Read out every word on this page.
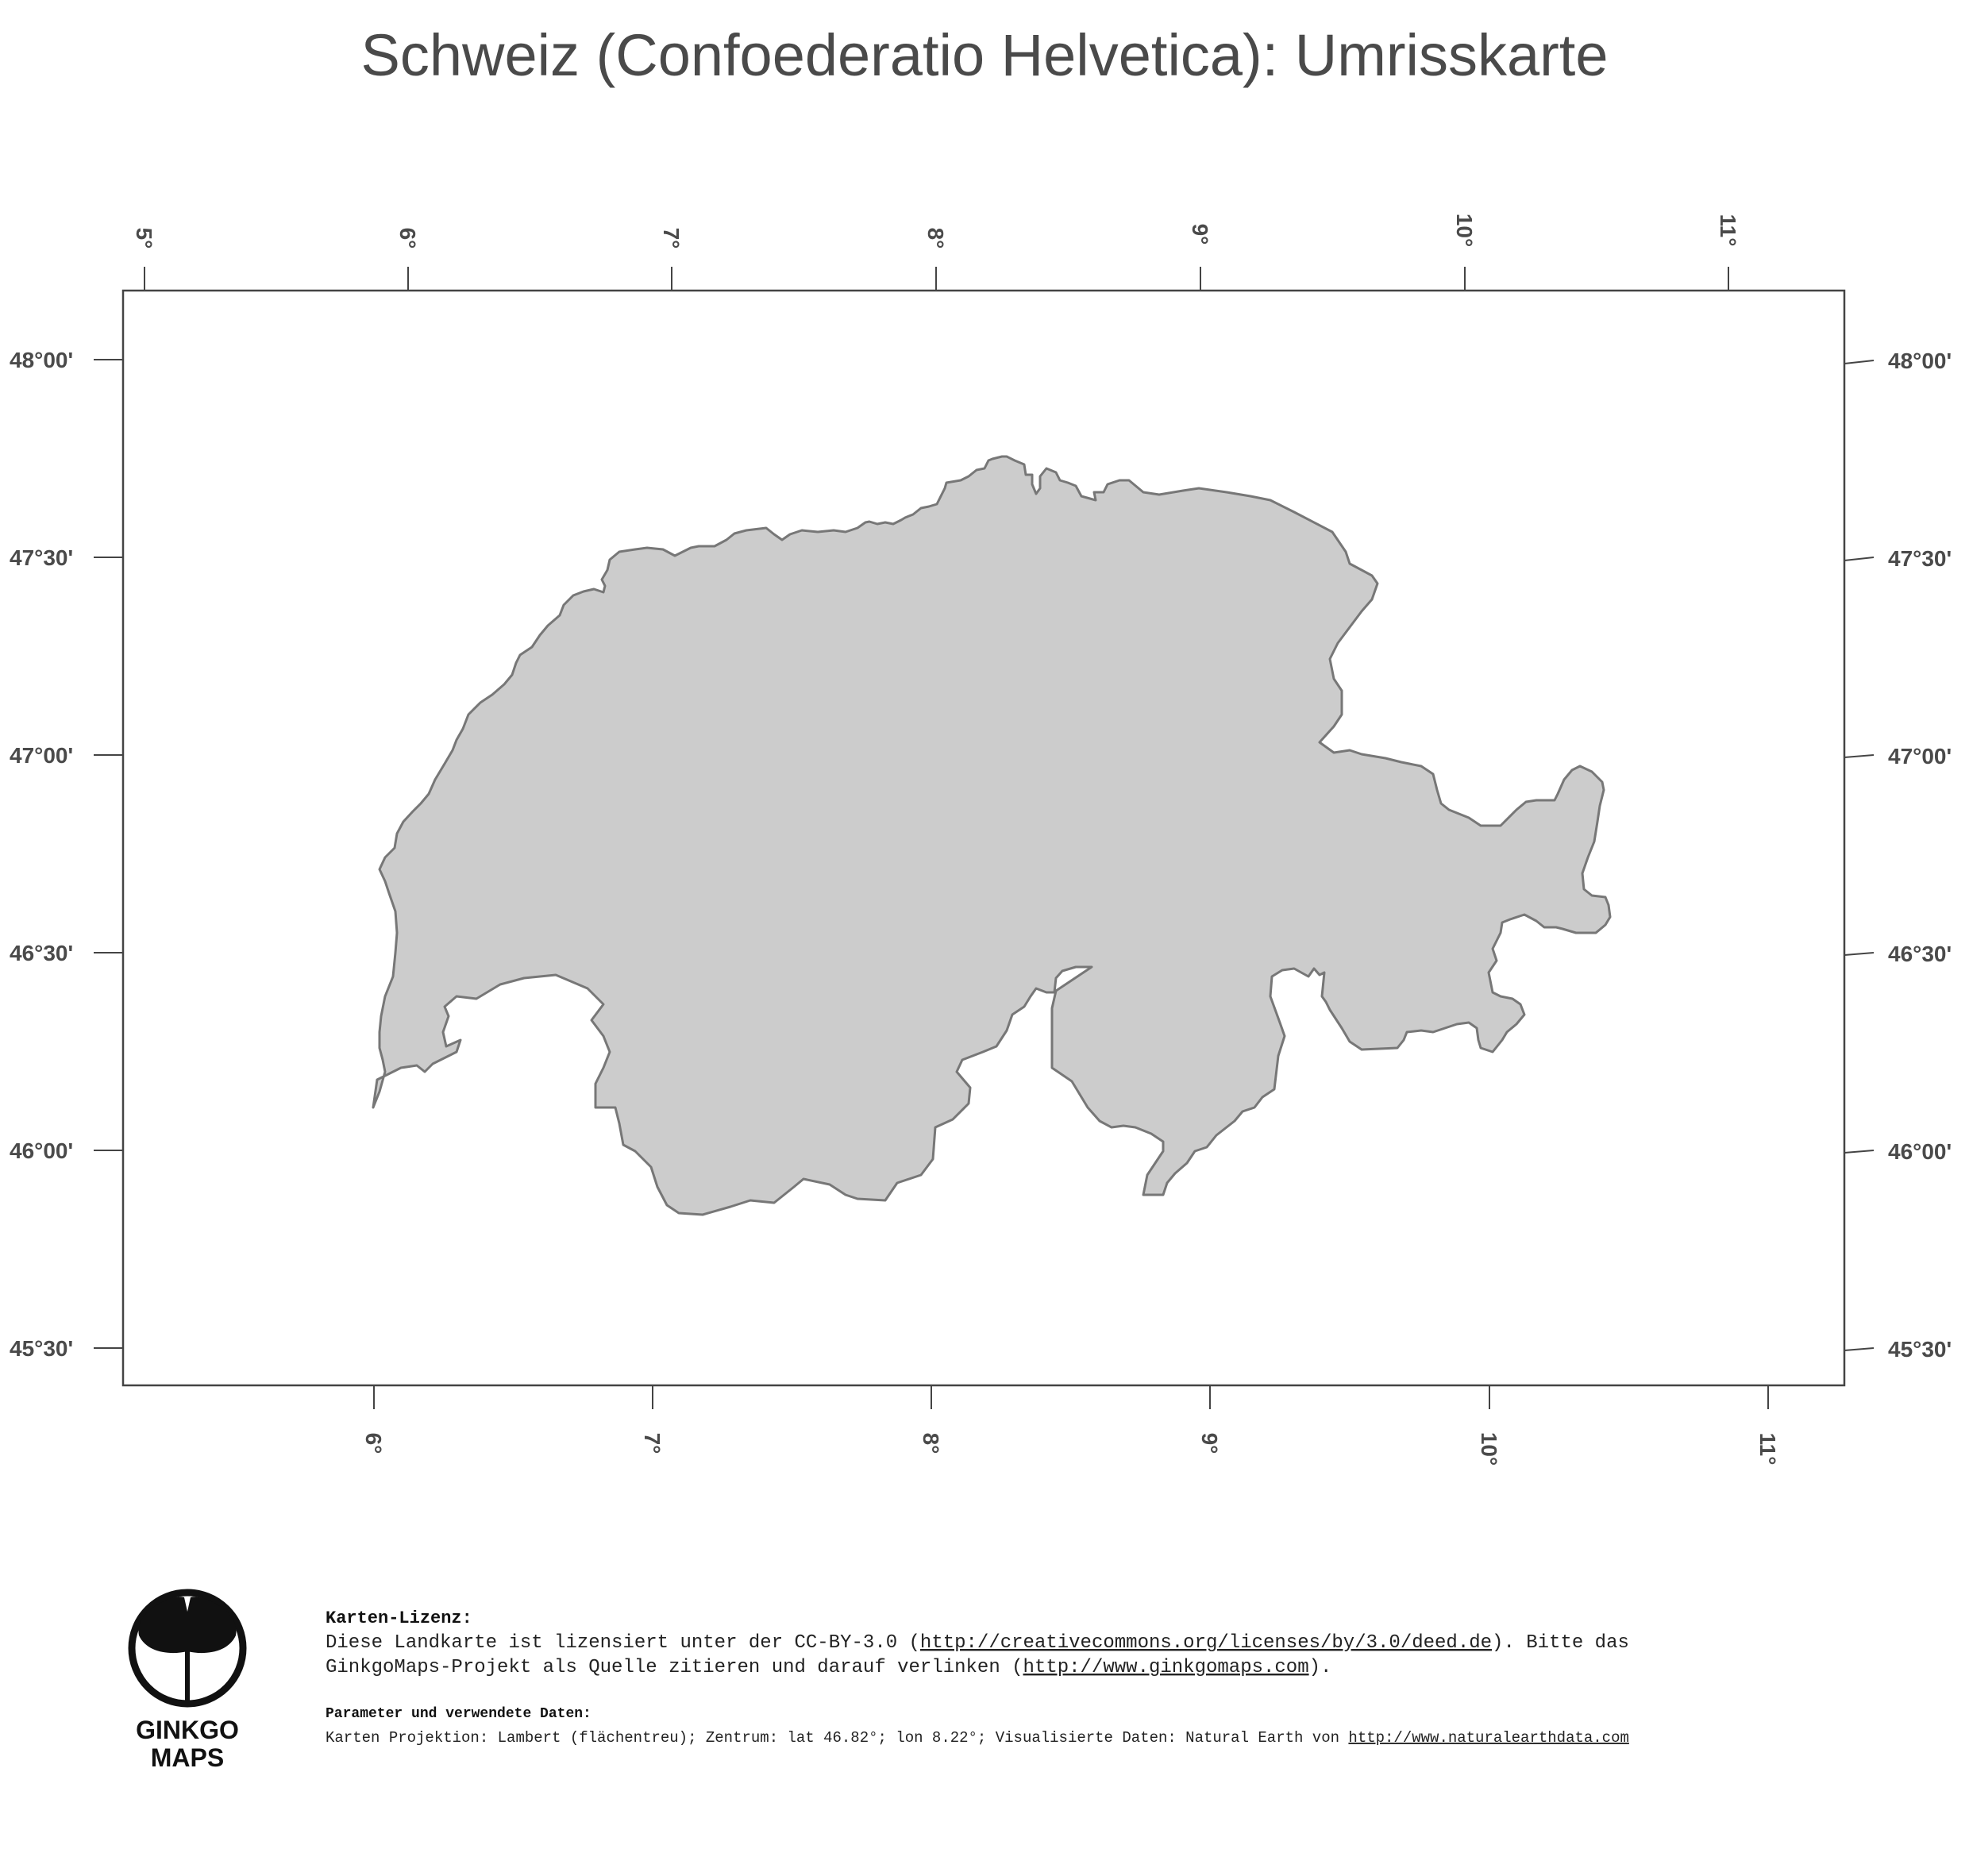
Schweiz (Confoederatio Helvetica): Umrisskarte
5°	6°	7°	8°	9°	10°	11°
6°	7°	8°	9°	10°	11°
48°00'
47°30'
47°00'
46°30'
46°00'
45°30'
48°00'
47°30'
47°00'
46°30'
46°00'
45°30'
GINKGO
MAPS
Karten-Lizenz:
Diese Landkarte ist lizensiert unter der CC-BY-3.0 (http://creativecommons.org/licenses/by/3.0/deed.de). Bitte das
GinkgoMaps-Projekt als Quelle zitieren und darauf verlinken (http://www.ginkgomaps.com).
Parameter und verwendete Daten:
Karten Projektion: Lambert (flächentreu); Zentrum: lat 46.82°; lon 8.22°; Visualisierte Daten: Natural Earth von http://www.naturalearthdata.com
